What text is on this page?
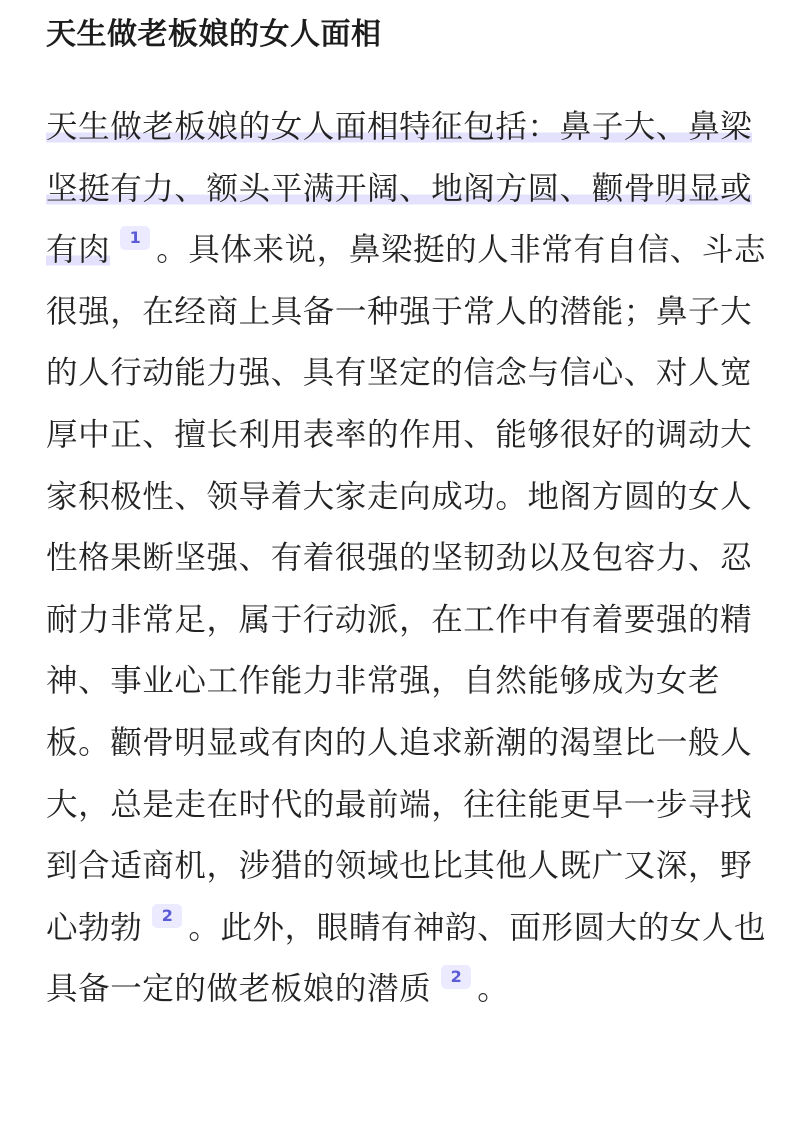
天生做老板娘的女人面相
天生做老板娘的女人面相特征包括：鼻子大、鼻梁坚挺有力、额头平满开阔、地阁方圆、颧骨明显或有肉 1 。具体来说，鼻梁挺的人非常有自信、斗志很强，在经商上具备一种强于常人的潜能；鼻子大的人行动能力强、具有坚定的信念与信心、对人宽厚中正、擅长利用表率的作用、能够很好的调动大家积极性、领导着大家走向成功。地阁方圆的女人性格果断坚强、有着很强的坚韧劲以及包容力、忍耐力非常足，属于行动派，在工作中有着要强的精神、事业心工作能力非常强，自然能够成为女老板。颧骨明显或有肉的人追求新潮的渴望比一般人大，总是走在时代的最前端，往往能更早一步寻找到合适商机，涉猎的领域也比其他人既广又深，野心勃勃 2 。此外，眼睛有神韵、面形圆大的女人也具备一定的做老板娘的潜质 2 。
